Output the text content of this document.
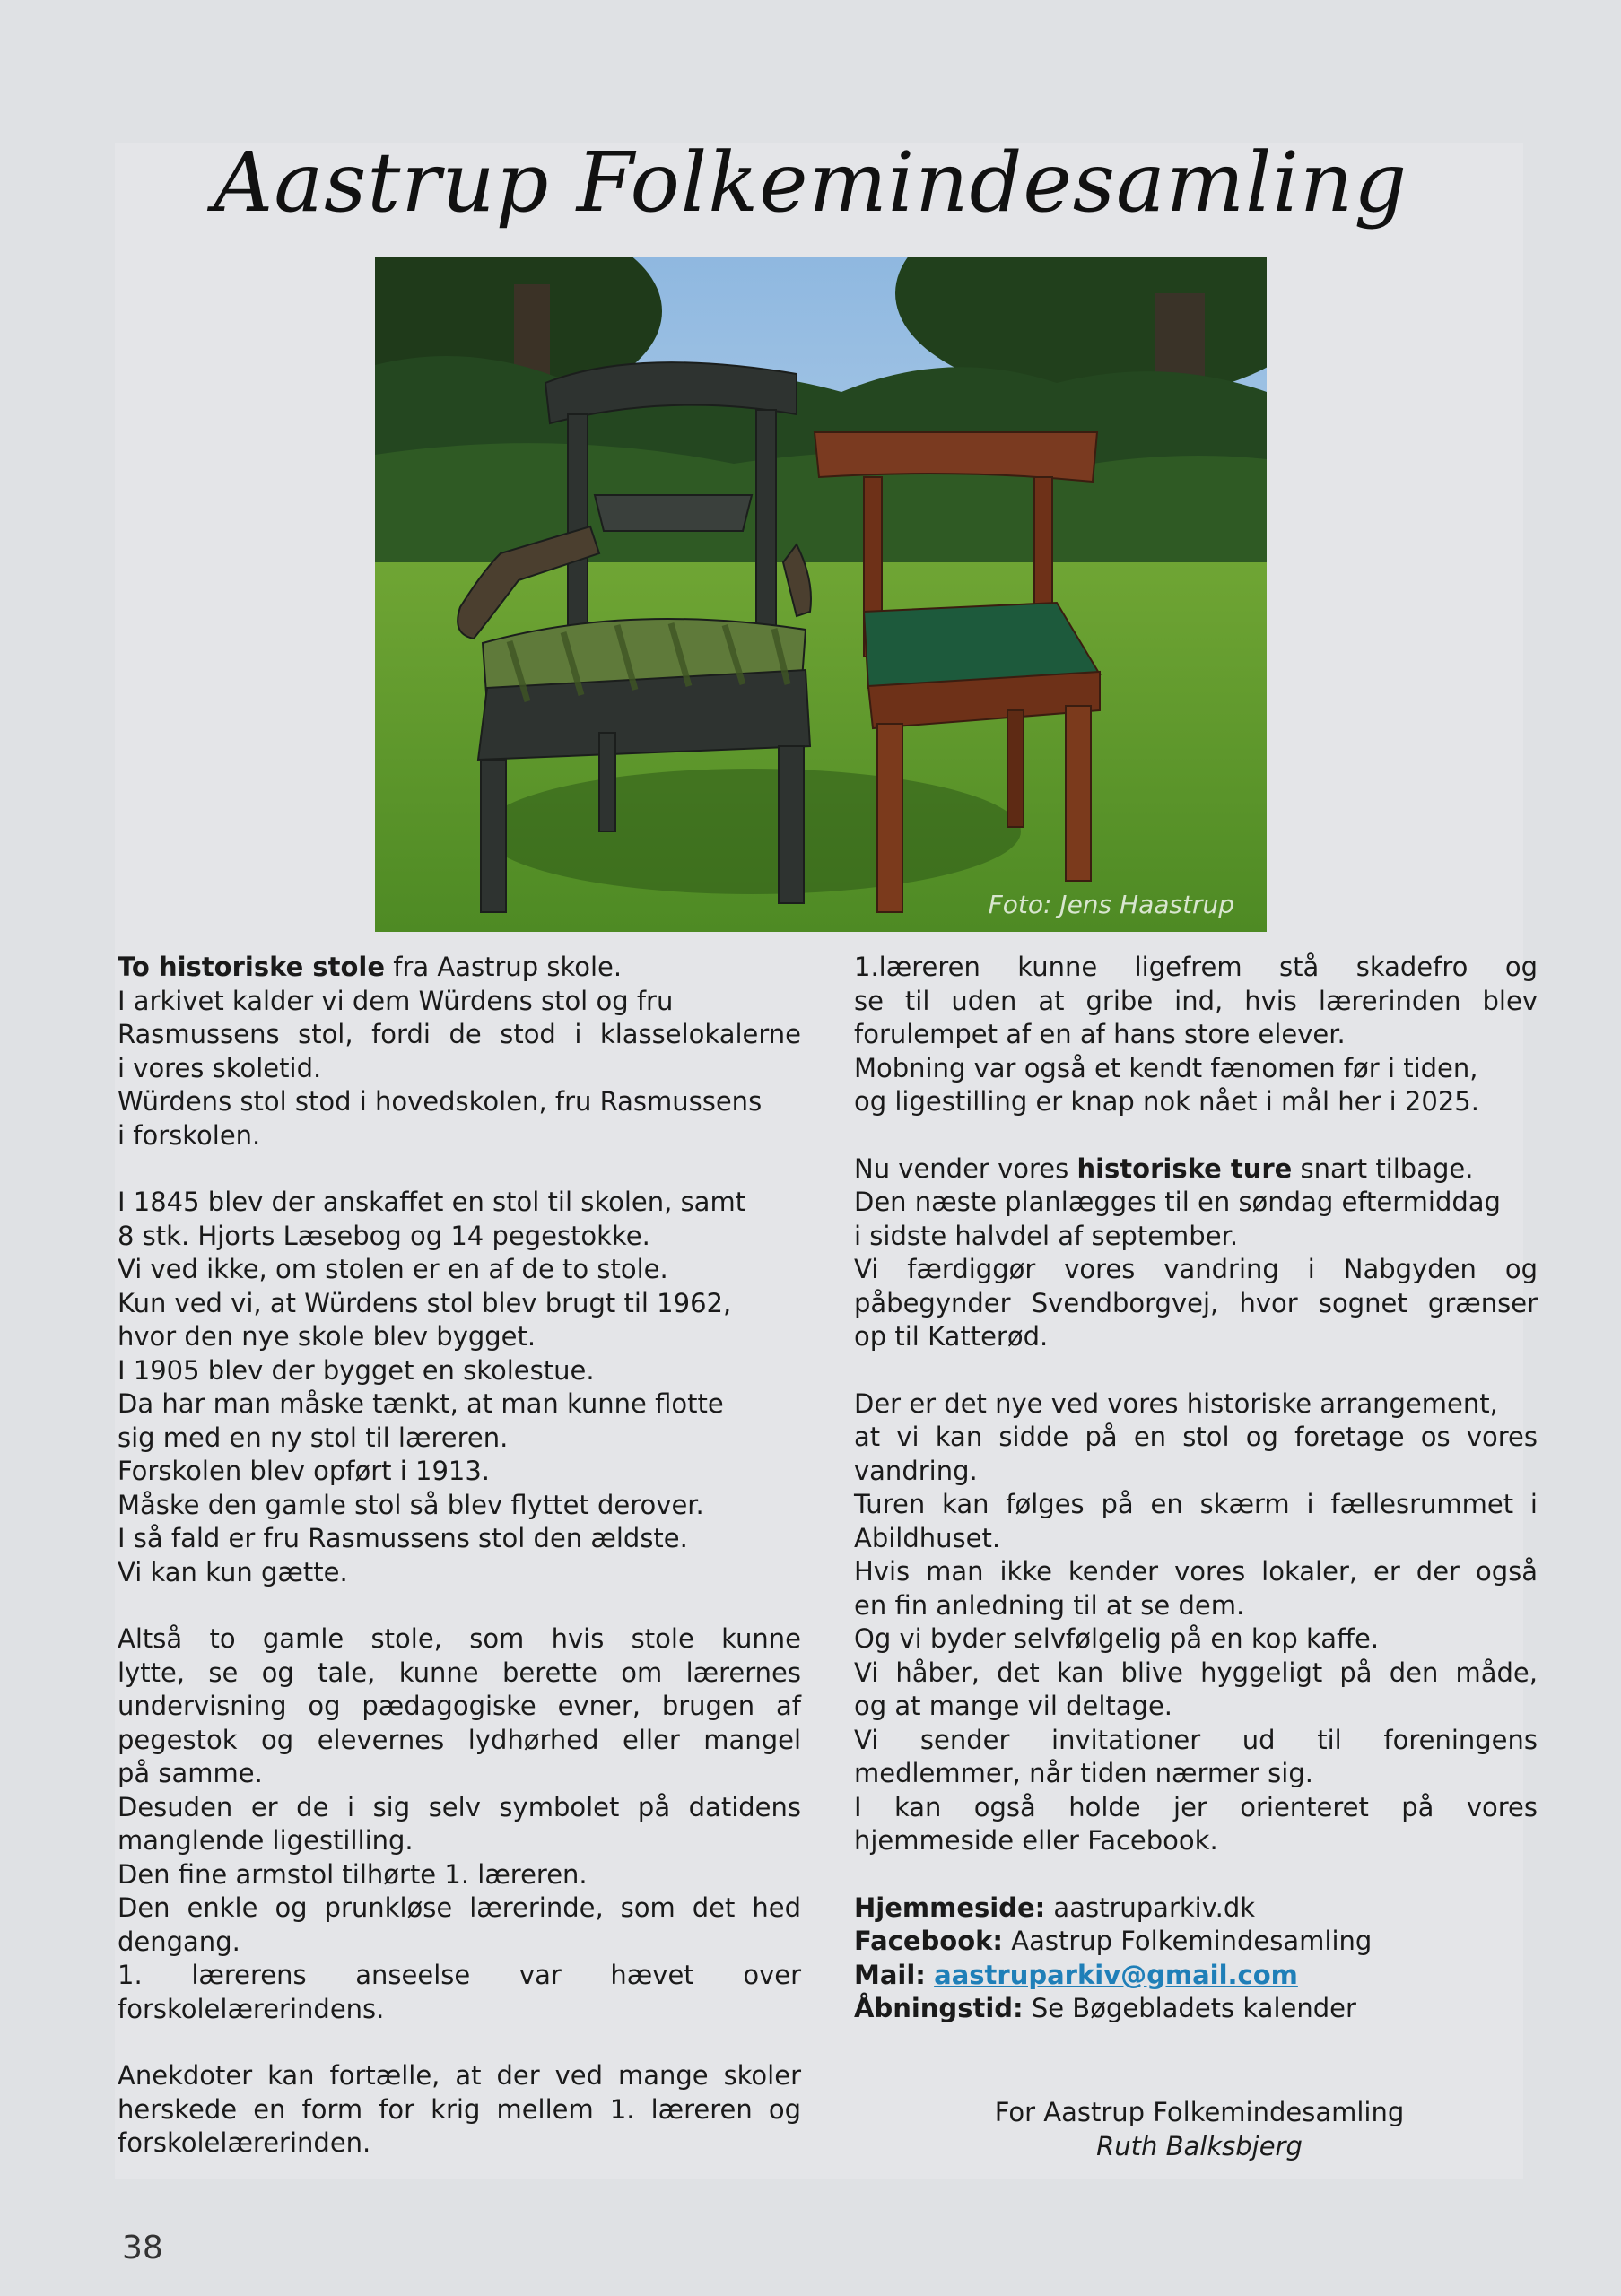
Aastrup Folkemindesamling
Foto: Jens Haastrup

To historiske stole fra Aastrup skole.

I arkivet kalder vi dem Würdens stol og fru

Rasmussens stol, fordi de stod i klasselokalerne

i vores skoletid.

Würdens stol stod i hovedskolen, fru Rasmussens

i forskolen.

I 1845 blev der anskaffet en stol til skolen, samt

8 stk. Hjorts Læsebog og 14 pegestokke.

Vi ved ikke, om stolen er en af de to stole.

Kun ved vi, at Würdens stol blev brugt til 1962,

hvor den nye skole blev bygget.

I 1905 blev der bygget en skolestue.

Da har man måske tænkt, at man kunne flotte

sig med en ny stol til læreren.

Forskolen blev opført i 1913.

Måske den gamle stol så blev flyttet derover.

I så fald er fru Rasmussens stol den ældste.

Vi kan kun gætte.

Altså to gamle stole, som hvis stole kunne

lytte, se og tale, kunne berette om lærernes

undervisning og pædagogiske evner, brugen af

pegestok og elevernes lydhørhed eller mangel

på samme.

Desuden er de i sig selv symbolet på datidens

manglende ligestilling.

Den fine armstol tilhørte 1. læreren.

Den enkle og prunkløse lærerinde, som det hed

dengang.

1. lærerens anseelse var hævet over

forskolelærerindens.

Anekdoter kan fortælle, at der ved mange skoler

herskede en form for krig mellem 1. læreren og

forskolelærerinden.

1.læreren kunne ligefrem stå skadefro og

se til uden at gribe ind, hvis lærerinden blev

forulempet af en af hans store elever.

Mobning var også et kendt fænomen før i tiden,

og ligestilling er knap nok nået i mål her i 2025.

Nu vender vores historiske ture snart tilbage.

Den næste planlægges til en søndag eftermiddag

i sidste halvdel af september.

Vi færdiggør vores vandring i Nabgyden og

påbegynder Svendborgvej, hvor sognet grænser

op til Katterød.

Der er det nye ved vores historiske arrangement,

at vi kan sidde på en stol og foretage os vores

vandring.

Turen kan følges på en skærm i fællesrummet i

Abildhuset.

Hvis man ikke kender vores lokaler, er der også

en fin anledning til at se dem.

Og vi byder selvfølgelig på en kop kaffe.

Vi håber, det kan blive hyggeligt på den måde,

og at mange vil deltage.

Vi sender invitationer ud til foreningens

medlemmer, når tiden nærmer sig.

I kan også holde jer orienteret på vores

hjemmeside eller Facebook.

Hjemmeside: aastruparkiv.dk

Facebook: Aastrup Folkemindesamling

Mail: aastruparkiv@gmail.com

Åbningstid: Se Bøgebladets kalender

For Aastrup Folkemindesamling
Ruth Balksbjerg
38
